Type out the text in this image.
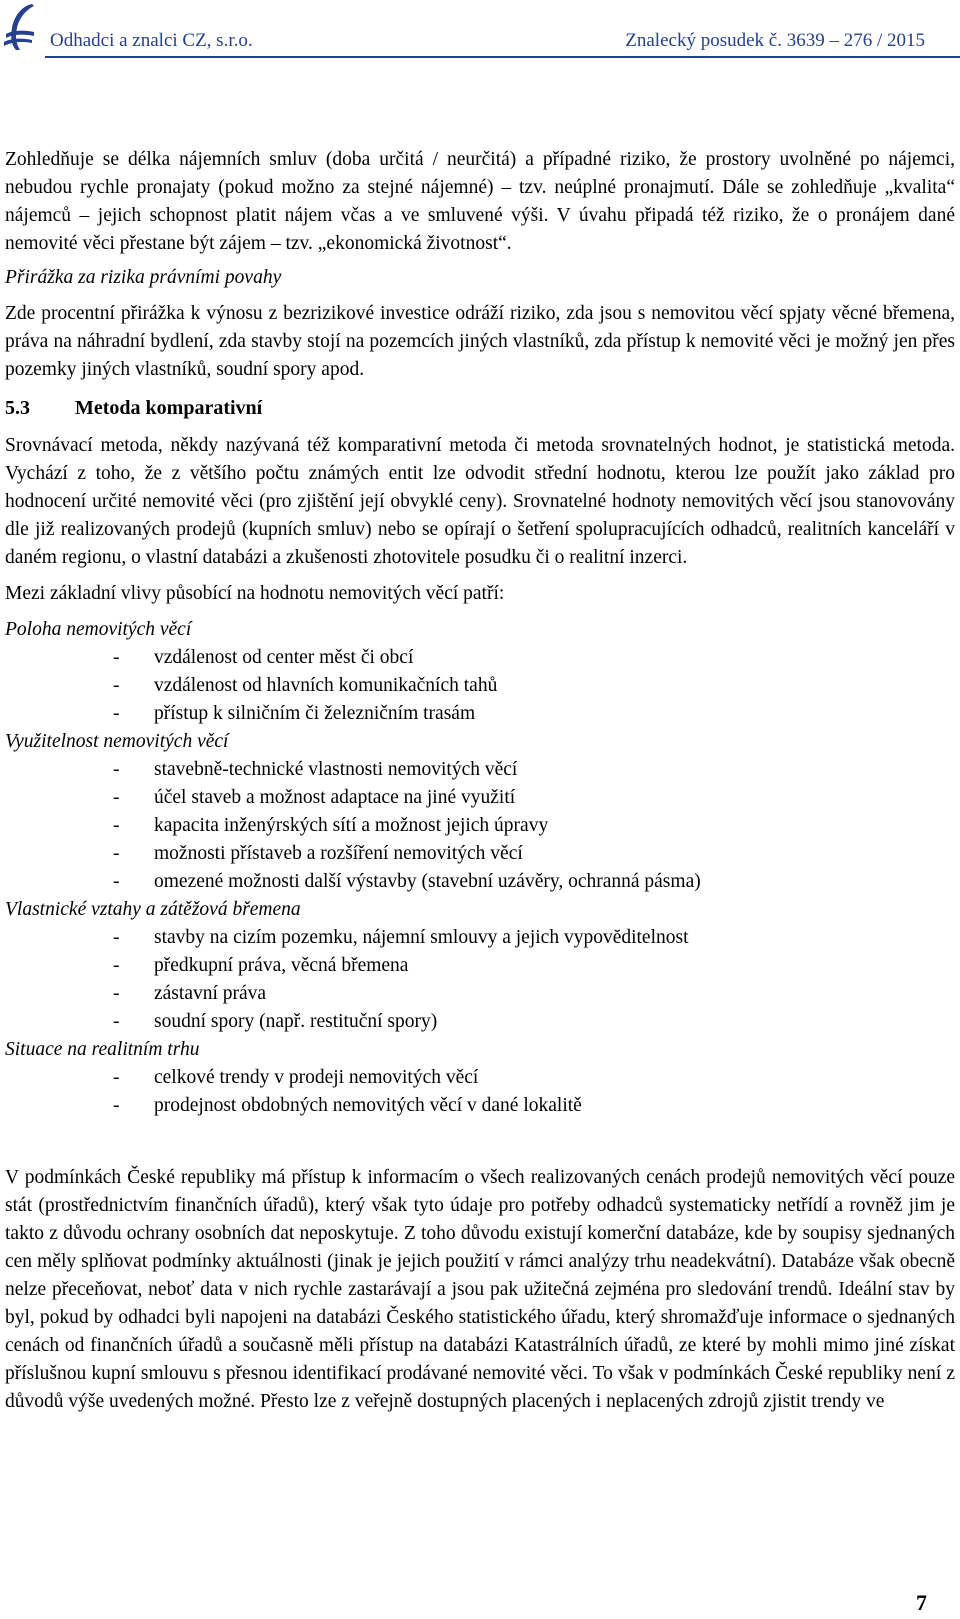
Odhadci a znalci CZ, s.r.o.	Znalecký posudek č. 3639 – 276 / 2015

Zohledňuje se délka nájemních smluv (doba určitá / neurčitá) a případné riziko, že prostory uvolněné po nájemci, nebudou rychle pronajaty (pokud možno za stejné nájemné) – tzv. neúplné pronajmutí. Dále se zohledňuje „kvalita“ nájemců – jejich schopnost platit nájem včas a ve smluvené výši. V úvahu připadá též riziko, že o pronájem dané nemovité věci přestane být zájem – tzv. „ekonomická životnost“.

Přirážka za rizika právními povahy

Zde procentní přirážka k výnosu z bezrizikové investice odráží riziko, zda jsou s nemovitou věcí spjaty věcné břemena, práva na náhradní bydlení, zda stavby stojí na pozemcích jiných vlastníků, zda přístup k nemovité věci je možný jen přes pozemky jiných vlastníků, soudní spory apod.

5.3 Metoda komparativní

Srovnávací metoda, někdy nazývaná též komparativní metoda či metoda srovnatelných hodnot, je statistická metoda. Vychází z toho, že z většího počtu známých entit lze odvodit střední hodnotu, kterou lze použít jako základ pro hodnocení určité nemovité věci (pro zjištění její obvyklé ceny). Srovnatelné hodnoty nemovitých věcí jsou stanovovány dle již realizovaných prodejů (kupních smluv) nebo se opírají o šetření spolupracujících odhadců, realitních kanceláří v daném regionu, o vlastní databázi a zkušenosti zhotovitele posudku či o realitní inzerci.

Mezi základní vlivy působící na hodnotu nemovitých věcí patří:

Poloha nemovitých věcí

- vzdálenost od center měst či obcí
- vzdálenost od hlavních komunikačních tahů
- přístup k silničním či železničním trasám

Využitelnost nemovitých věcí

- stavebně-technické vlastnosti nemovitých věcí
- účel staveb a možnost adaptace na jiné využití
- kapacita inženýrských sítí a možnost jejich úpravy
- možnosti přístaveb a rozšíření nemovitých věcí
- omezené možnosti další výstavby (stavební uzávěry, ochranná pásma)

Vlastnické vztahy a zátěžová břemena

- stavby na cizím pozemku, nájemní smlouvy a jejich vypovĕditelnost
- předkupní práva, věcná břemena
- zástavní práva
- soudní spory (např. restituční spory)

Situace na realitním trhu

- celkové trendy v prodeji nemovitých věcí
- prodejnost obdobných nemovitých věcí v dané lokalitě

V podmínkách České republiky má přístup k informacím o všech realizovaných cenách prodejů nemovitých věcí pouze stát (prostřednictvím finančních úřadů), který však tyto údaje pro potřeby odhadců systematicky netřídí a rovněž jim je takto z důvodu ochrany osobních dat neposkytuje. Z toho důvodu existují komerční databáze, kde by soupisy sjednaných cen měly splňovat podmínky aktuálnosti (jinak je jejich použití v rámci analýzy trhu neadekvátní). Databáze však obecně nelze přeceňovat, neboť data v nich rychle zastarávají a jsou pak užitečná zejména pro sledování trendů. Ideální stav by byl, pokud by odhadci byli napojeni na databázi Českého statistického úřadu, který shromažďuje informace o sjednaných cenách od finančních úřadů a současně měli přístup na databázi Katastrálních úřadů, ze které by mohli mimo jiné získat příslušnou kupní smlouvu s přesnou identifikací prodávané nemovité věci. To však v podmínkách České republiky není z důvodů výše uvedených možné. Přesto lze z veřejně dostupných placených i neplacených zdrojů zjistit trendy ve

7
